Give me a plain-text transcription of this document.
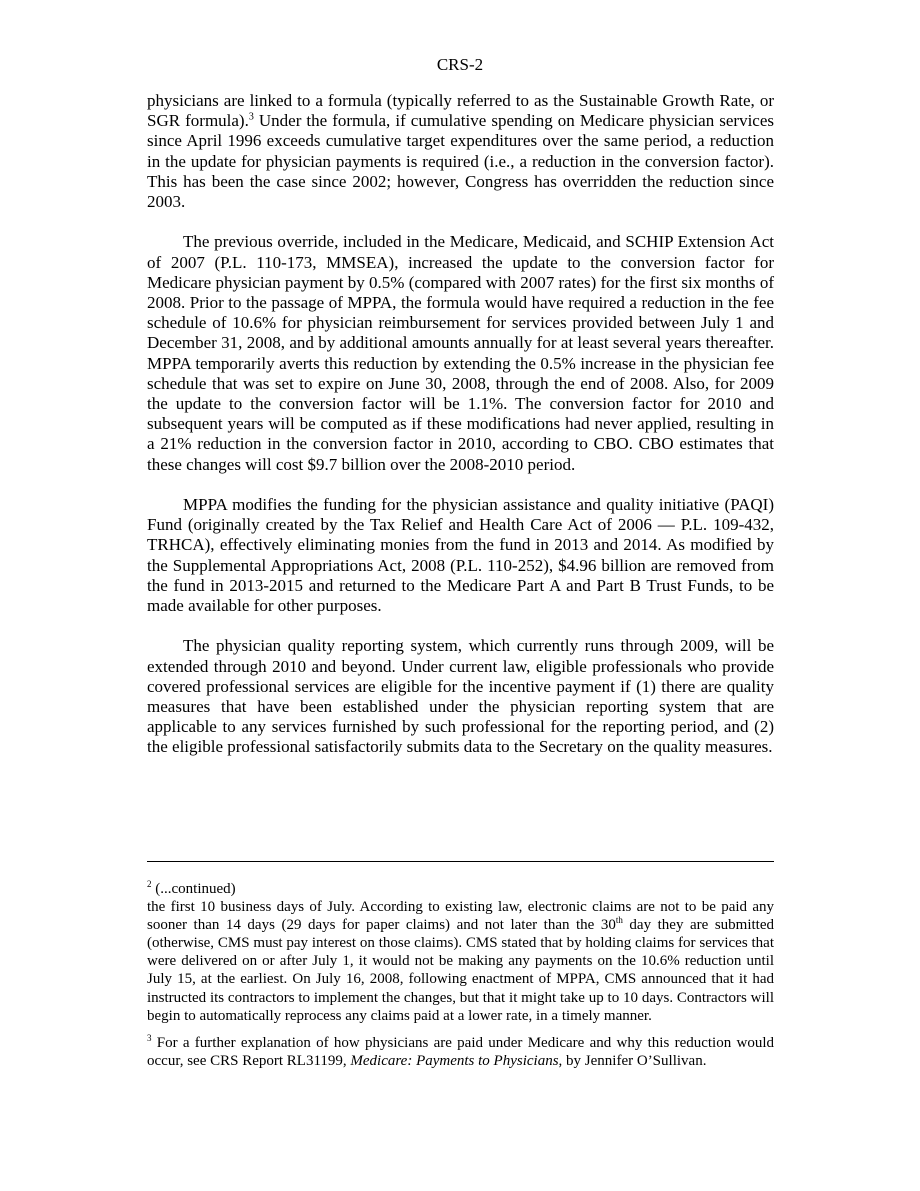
CRS-2

physicians are linked to a formula (typically referred to as the Sustainable Growth Rate, or SGR formula).$^3$ Under the formula, if cumulative spending on Medicare physician services since April 1996 exceeds cumulative target expenditures over the same period, a reduction in the update for physician payments is required (i.e., a reduction in the conversion factor). This has been the case since 2002; however, Congress has overridden the reduction since 2003.

The previous override, included in the Medicare, Medicaid, and SCHIP Extension Act of 2007 (P.L. 110-173, MMSEA), increased the update to the conversion factor for Medicare physician payment by 0.5% (compared with 2007 rates) for the first six months of 2008. Prior to the passage of MPPA, the formula would have required a reduction in the fee schedule of 10.6% for physician reimbursement for services provided between July 1 and December 31, 2008, and by additional amounts annually for at least several years thereafter. MPPA temporarily averts this reduction by extending the 0.5% increase in the physician fee schedule that was set to expire on June 30, 2008, through the end of 2008. Also, for 2009 the update to the conversion factor will be 1.1%. The conversion factor for 2010 and subsequent years will be computed as if these modifications had never applied, resulting in a 21% reduction in the conversion factor in 2010, according to CBO. CBO estimates that these changes will cost $9.7 billion over the 2008-2010 period.

MPPA modifies the funding for the physician assistance and quality initiative (PAQI) Fund (originally created by the Tax Relief and Health Care Act of 2006 — P.L. 109-432, TRHCA), effectively eliminating monies from the fund in 2013 and 2014. As modified by the Supplemental Appropriations Act, 2008 (P.L. 110-252), $4.96 billion are removed from the fund in 2013-2015 and returned to the Medicare Part A and Part B Trust Funds, to be made available for other purposes.

The physician quality reporting system, which currently runs through 2009, will be extended through 2010 and beyond. Under current law, eligible professionals who provide covered professional services are eligible for the incentive payment if (1) there are quality measures that have been established under the physician reporting system that are applicable to any services furnished by such professional for the reporting period, and (2) the eligible professional satisfactorily submits data to the Secretary on the quality measures.

$^2$ (...continued)

the first 10 business days of July. According to existing law, electronic claims are not to be paid any sooner than 14 days (29 days for paper claims) and not later than the 30th day they are submitted (otherwise, CMS must pay interest on those claims). CMS stated that by holding claims for services that were delivered on or after July 1, it would not be making any payments on the 10.6% reduction until July 15, at the earliest. On July 16, 2008, following enactment of MPPA, CMS announced that it had instructed its contractors to implement the changes, but that it might take up to 10 days. Contractors will begin to automatically reprocess any claims paid at a lower rate, in a timely manner.

$^3$ For a further explanation of how physicians are paid under Medicare and why this reduction would occur, see CRS Report RL31199, Medicare: Payments to Physicians, by Jennifer O’Sullivan.
